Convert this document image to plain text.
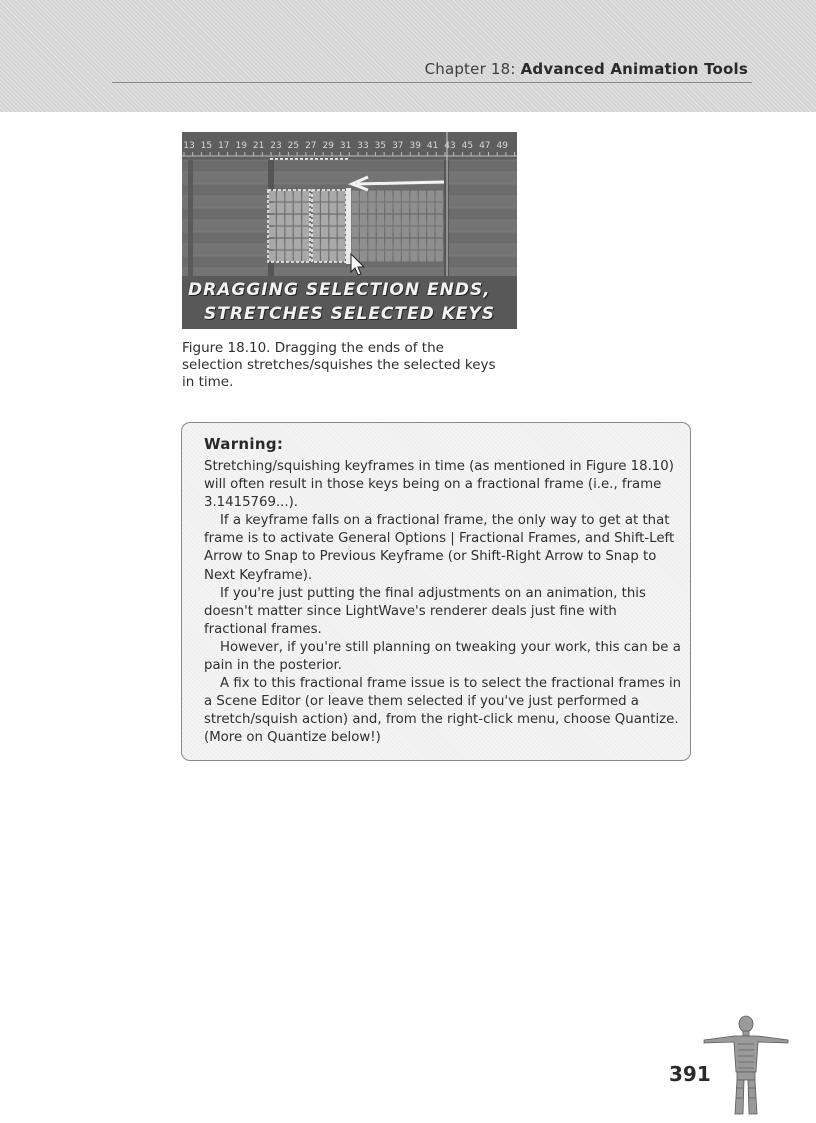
Chapter 18: Advanced Animation Tools
13 15 17 19 21 23 25 27 29 31 33 35 37 39 41 43 45 47 49
DRAGGING SELECTION ENDS,
STRETCHES SELECTED KEYS
Figure 18.10. Dragging the ends of the selection stretches/squishes the selected keys in time.
Warning:

Stretching/squishing keyframes in time (as mentioned in Figure 18.10) will often result in those keys being on a fractional frame (i.e., frame 3.1415769...).

If a keyframe falls on a fractional frame, the only way to get at that frame is to activate General Options | Fractional Frames, and Shift-Left Arrow to Snap to Previous Keyframe (or Shift-Right Arrow to Snap to Next Keyframe).

If you're just putting the final adjustments on an animation, this doesn't matter since LightWave's renderer deals just fine with fractional frames.

However, if you're still planning on tweaking your work, this can be a pain in the posterior.

A fix to this fractional frame issue is to select the fractional frames in a Scene Editor (or leave them selected if you've just performed a stretch/squish action) and, from the right-click menu, choose Quantize. (More on Quantize below!)

391
